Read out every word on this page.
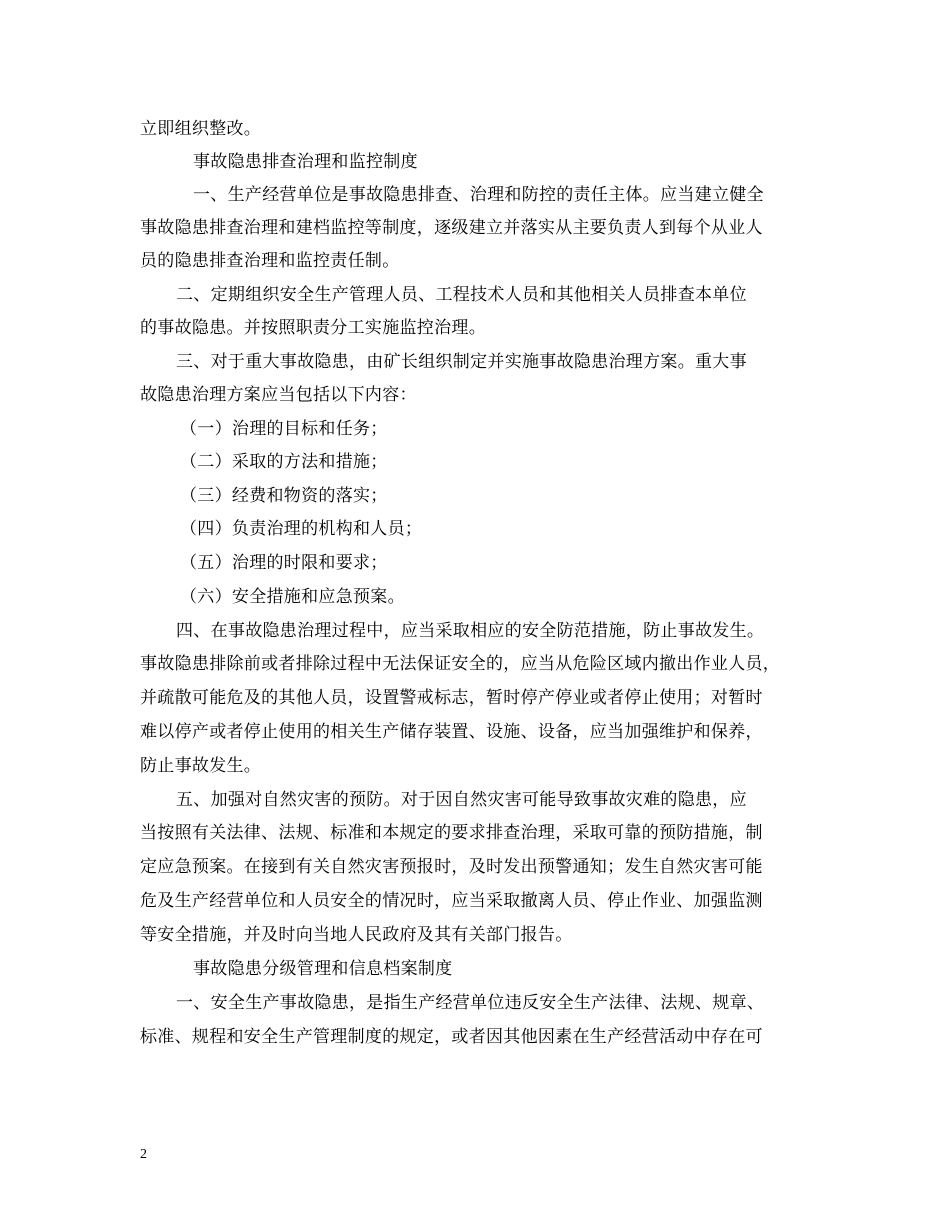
立即组织整改。
事故隐患排查治理和监控制度
一、生产经营单位是事故隐患排查、治理和防控的责任主体。应当建立健全
事故隐患排查治理和建档监控等制度，逐级建立并落实从主要负责人到每个从业人
员的隐患排查治理和监控责任制。
二、定期组织安全生产管理人员、工程技术人员和其他相关人员排查本单位
的事故隐患。并按照职责分工实施监控治理。
三、对于重大事故隐患，由矿长组织制定并实施事故隐患治理方案。重大事
故隐患治理方案应当包括以下内容：
（一）治理的目标和任务；
（二）采取的方法和措施；
（三）经费和物资的落实；
（四）负责治理的机构和人员；
（五）治理的时限和要求；
（六）安全措施和应急预案。
四、在事故隐患治理过程中，应当采取相应的安全防范措施，防止事故发生。
事故隐患排除前或者排除过程中无法保证安全的，应当从危险区域内撤出作业人员，
并疏散可能危及的其他人员，设置警戒标志，暂时停产停业或者停止使用；对暂时
难以停产或者停止使用的相关生产储存装置、设施、设备，应当加强维护和保养，
防止事故发生。
五、加强对自然灾害的预防。对于因自然灾害可能导致事故灾难的隐患，应
当按照有关法律、法规、标准和本规定的要求排查治理，采取可靠的预防措施，制
定应急预案。在接到有关自然灾害预报时，及时发出预警通知；发生自然灾害可能
危及生产经营单位和人员安全的情况时，应当采取撤离人员、停止作业、加强监测
等安全措施，并及时向当地人民政府及其有关部门报告。
事故隐患分级管理和信息档案制度
一、安全生产事故隐患，是指生产经营单位违反安全生产法律、法规、规章、
标准、规程和安全生产管理制度的规定，或者因其他因素在生产经营活动中存在可
2
